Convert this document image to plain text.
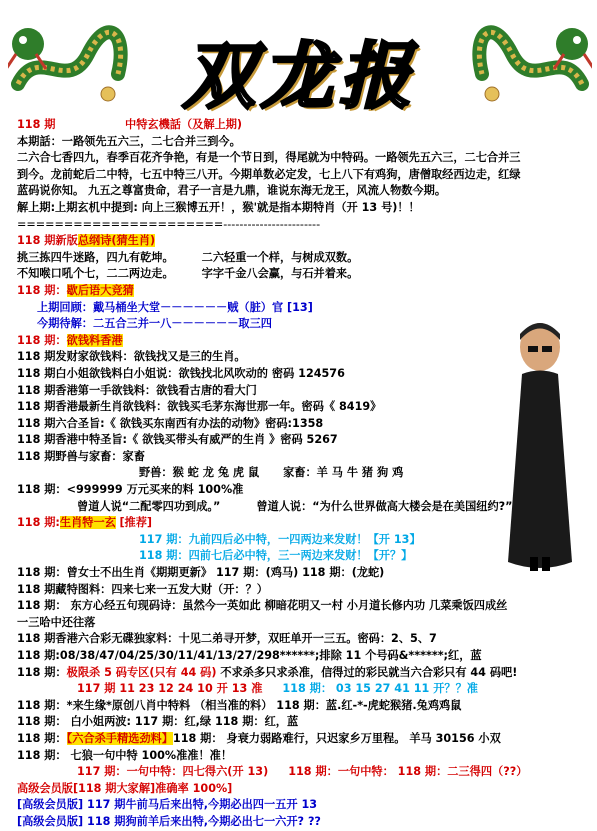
双龙报
118 期	中特玄機話（及解上期)
本期話：一路领先五六三，二七合并三到今。
二六合七香四九，春季百花齐争艳，有是一个节日到，得尾就为中特码。一路领先五六三，二七合并三
到今。龙前蛇后二中特，七五中特三八开。今期单数必定发，七上八下有鸡狗，唐僧取经西边走，红绿
蓝码说你知。 九五之尊富贵命，君子一言是九鼎，谁说东海无龙王，风流人物数今期。
解上期:上期玄机中提到: 向上三猴博五开！，猴'就是指本期特肖（开 13 号)！！
======================------------------------
118 期新版总纲诗(猜生肖)
挑三拣四牛迷路，四九有乾坤。	二六轻重一个样，与树成双数。
不知喉口吼个七，二二两边走。	字字千金八会赢，与石并着来。
118 期：歇后语大竞猜
上期回顾：戴马桶坐大堂－－－－－－贼（脏）官 [13]
今期待解：二五合三并一八－－－－－－取三四
118 期：欲钱料香港
118 期发财家欲钱料：欲钱找又是三的生肖。
118 期白小姐欲钱料白小姐说：欲钱找北风吹动的 密码 124576
118 期香港第一手欲钱料：欲钱看古唐的看大门
118 期香港最新生肖欲钱料：欲钱买毛茅东海世那一年。密码《 8419》
118 期六合圣旨:《 欲钱买东南西有办法的动物》密码:1358
118 期香港中特圣旨:《 欲钱买带头有威严的生肖 》密码 5267
118 期野兽与家畜：家畜
野兽：猴 蛇 龙 兔 虎 鼠 家畜：羊 马 牛 猪 狗 鸡
118 期：<999999 万元买来的料 100%准
曾道人说“二配零四功到成。”	曾道人说：“为什么世界做高大楼会是在美国纽约?”
118 期:生肖特一玄 [推荐]
117 期：九前四后必中特，一四两边来发财！【开 13】
118 期：四前七后必中特，三一两边来发财！【开？】
118 期：曾女士不出生肖《期期更新》 117 期：(鸡马) 118 期：(龙蛇)
118 期藏特图料：四来七来一五发大财（开：？）
118 期： 东方心经五句现码诗：虽然今一英如此 柳暗花明又一村 小月道长修内功 几菜乘饭四成丝
一三哈中还往落
118 期香港六合彩无碟独家料：十见二弟寻开梦，双旺单开一三五。密码：2、5、7
118 期:08/38/47/04/25/30/11/41/13/27/298******;排除 11 个号码&******;红，蓝
118 期：极限杀 5 码专区(只有 44 码) 不求杀多只求杀准，信得过的彩民就当六合彩只有 44 码吧!
117 期 11 23 12 24 10 开 13 准 118 期： 03 15 27 41 11 开？？准
118 期：*来生缘*原创八肖中特料 （相当准的料） 118 期：蓝.红-*-虎蛇猴猪.兔鸡鸡鼠
118 期： 白小姐两波: 117 期：红,绿 118 期：红，蓝
118 期：【六合杀手精选劲料】118 期： 身衰力弱路难行，只迟家乡万里程。 羊马 30156 小双
118 期： 七狼一句中特 100%准准！准！
117 期：一句中特：四七得六(开 13) 118 期：一句中特： 118 期：二三得四（??）
高级会员版[118 期大家解]准确率 100%]
[高级会员版] 117 期牛前马后来出特,今期必出四一五开 13
[高级会员版] 118 期狗前羊后来出特,今期必出七一六开? ??
